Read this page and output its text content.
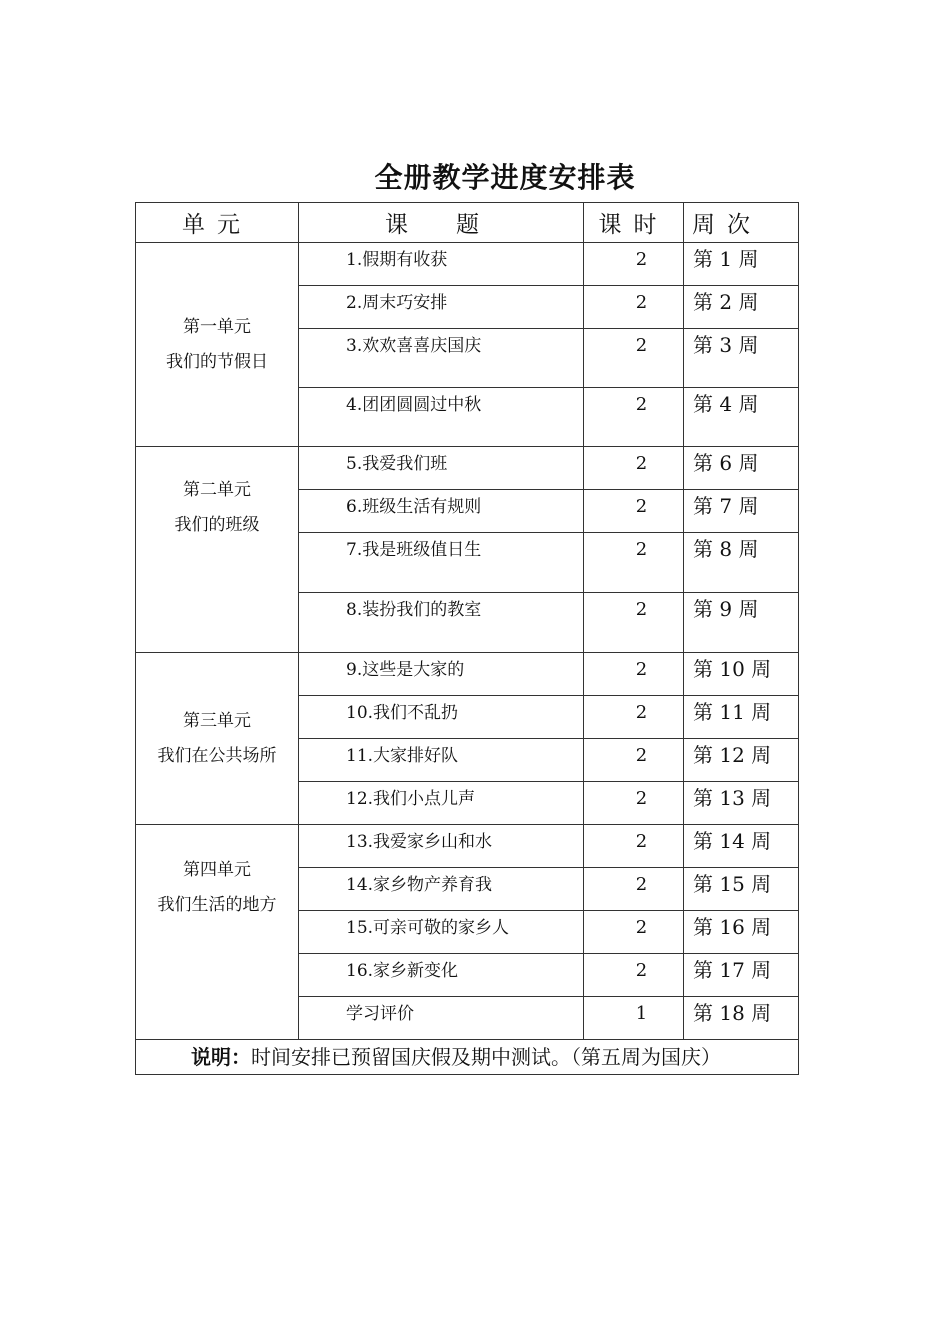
全册教学进度安排表
单元	课题	课时	周次

第一单元
我们的节假日	1.假期有收获	2	第 1 周
	2.周末巧安排	2	第 2 周
	3.欢欢喜喜庆国庆	2	第 3 周
	4.团团圆圆过中秋	2	第 4 周

第二单元
我们的班级	5.我爱我们班	2	第 6 周
	6.班级生活有规则	2	第 7 周
	7.我是班级值日生	2	第 8 周
	8.装扮我们的教室	2	第 9 周

第三单元
我们在公共场所	9.这些是大家的	2	第 10 周
	10.我们不乱扔	2	第 11 周
	11.大家排好队	2	第 12 周
	12.我们小点儿声	2	第 13 周

第四单元
我们生活的地方	13.我爱家乡山和水	2	第 14 周
	14.家乡物产养育我	2	第 15 周
	15.可亲可敬的家乡人	2	第 16 周
	16.家乡新变化	2	第 17 周
	学习评价	1	第 18 周
说明：时间安排已预留国庆假及期中测试。（第五周为国庆）			
